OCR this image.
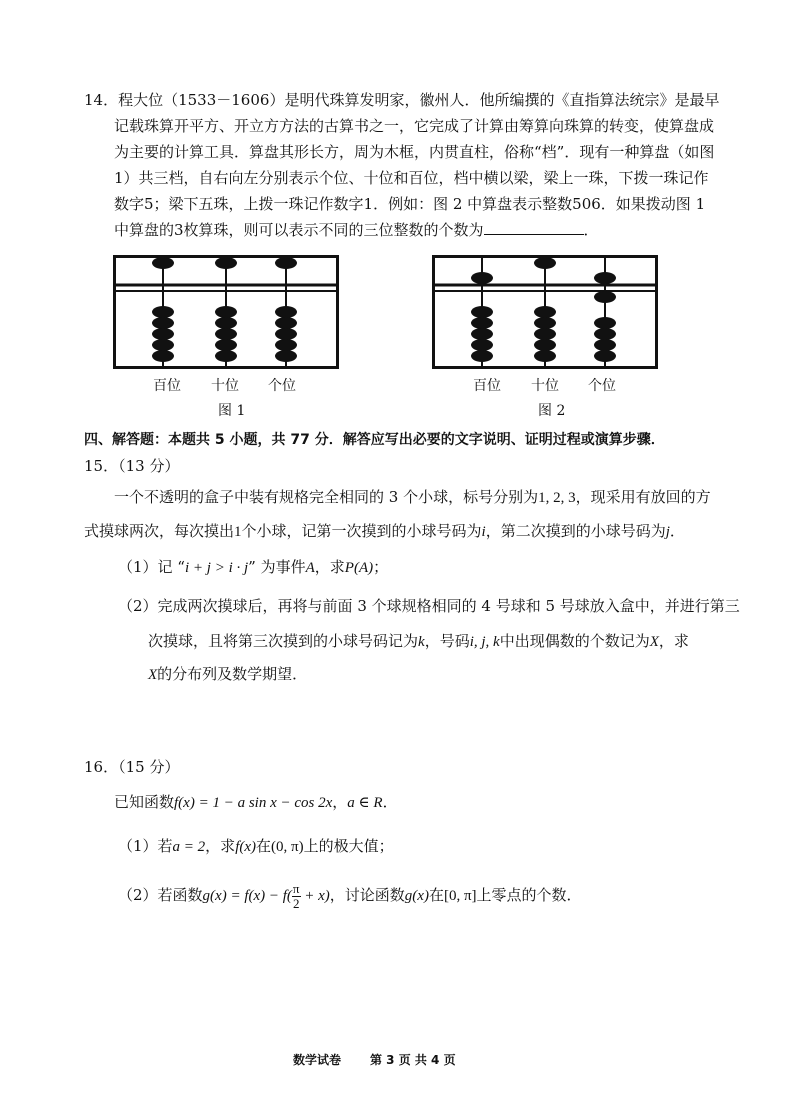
14．程大位（1533－1606）是明代珠算发明家，徽州人．他所编撰的《直指算法统宗》是最早
记载珠算开平方、开立方方法的古算书之一，它完成了计算由筹算向珠算的转变，使算盘成
为主要的计算工具．算盘其形长方，周为木框，内贯直柱，俗称“档”．现有一种算盘（如图
1）共三档，自右向左分别表示个位、十位和百位，档中横以梁，梁上一珠，下拨一珠记作
数字5；梁下五珠，上拨一珠记作数字1．例如：图 2 中算盘表示整数506．如果拨动图 1
中算盘的3枚算珠，则可以表示不同的三位整数的个数为	．
百位 十位 个位
图 1
百位 十位 个位
图 2
四、解答题：本题共 5 小题，共 77 分．解答应写出必要的文字说明、证明过程或演算步骤．
15．（13 分）
一个不透明的盒子中装有规格完全相同的 3 个小球，标号分别为1, 2, 3，现采用有放回的方
式摸球两次，每次摸出1个小球，记第一次摸到的小球号码为i，第二次摸到的小球号码为j．
（1）记 “i + j > i · j” 为事件A，求P(A)；
（2）完成两次摸球后，再将与前面 3 个球规格相同的 4 号球和 5 号球放入盒中，并进行第三
次摸球，且将第三次摸到的小球号码记为k，号码i, j, k中出现偶数的个数记为X，求
X的分布列及数学期望．
16．（15 分）
已知函数f(x) = 1 − a sin x − cos 2x，a ∈ R．
（1）若a = 2，求f(x)在(0, π)上的极大值；
（2）若函数$g(x) = f(x) - f( \frac{\pi}{2} + x)$，讨论函数g(x)在[0, π]上零点的个数．
数学试卷 第 3 页 共 4 页
